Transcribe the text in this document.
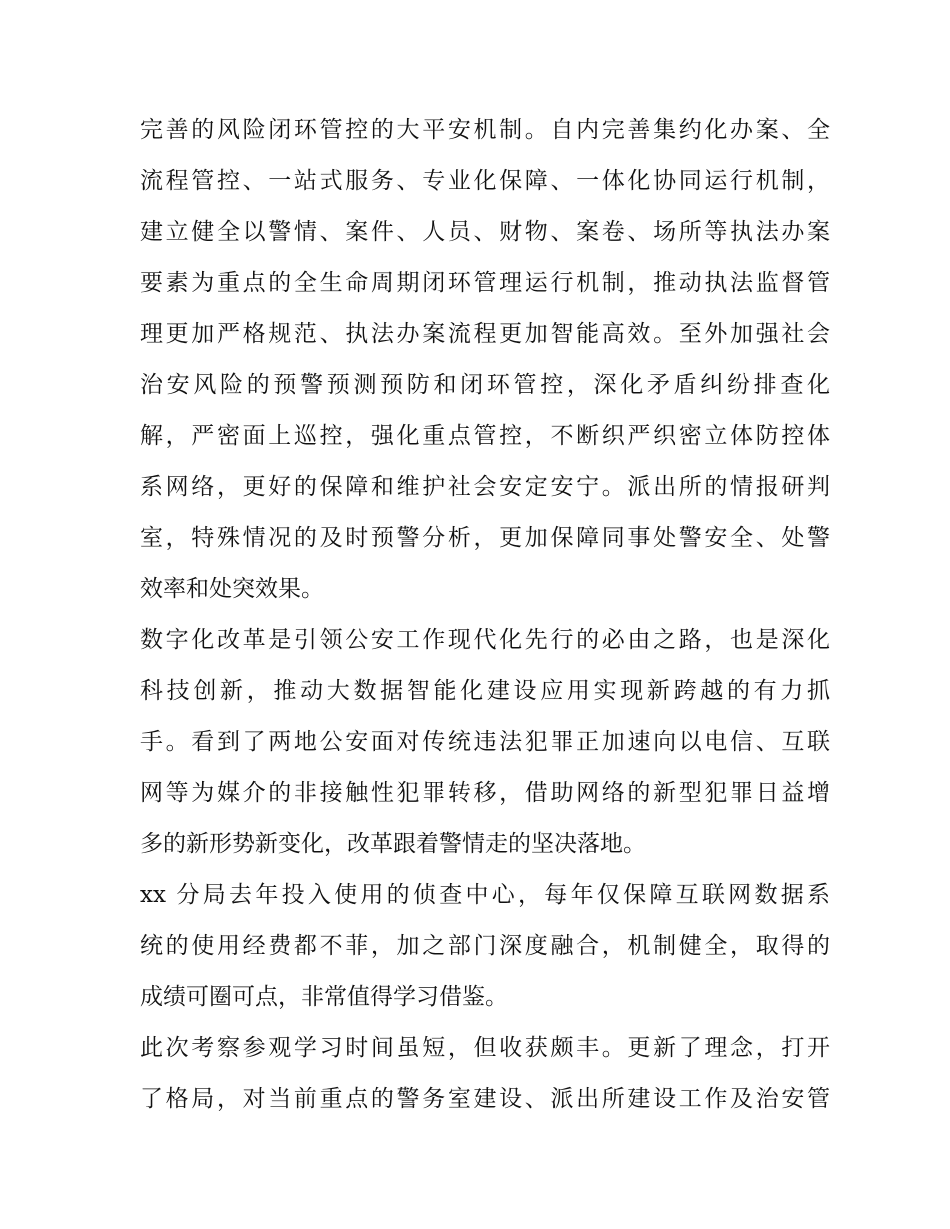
完善的风险闭环管控的大平安机制。自内完善集约化办案、全
流程管控、一站式服务、专业化保障、一体化协同运行机制，
建立健全以警情、案件、人员、财物、案卷、场所等执法办案
要素为重点的全生命周期闭环管理运行机制，推动执法监督管
理更加严格规范、执法办案流程更加智能高效。至外加强社会
治安风险的预警预测预防和闭环管控，深化矛盾纠纷排查化
解，严密面上巡控，强化重点管控，不断织严织密立体防控体
系网络，更好的保障和维护社会安定安宁。派出所的情报研判
室，特殊情况的及时预警分析，更加保障同事处警安全、处警
效率和处突效果。

数字化改革是引领公安工作现代化先行的必由之路，也是深化
科技创新，推动大数据智能化建设应用实现新跨越的有力抓
手。看到了两地公安面对传统违法犯罪正加速向以电信、互联
网等为媒介的非接触性犯罪转移，借助网络的新型犯罪日益增
多的新形势新变化，改革跟着警情走的坚决落地。

xx 分局去年投入使用的侦查中心，每年仅保障互联网数据系
统的使用经费都不菲，加之部门深度融合，机制健全，取得的
成绩可圈可点，非常值得学习借鉴。

此次考察参观学习时间虽短，但收获颇丰。更新了理念，打开
了格局，对当前重点的警务室建设、派出所建设工作及治安管
